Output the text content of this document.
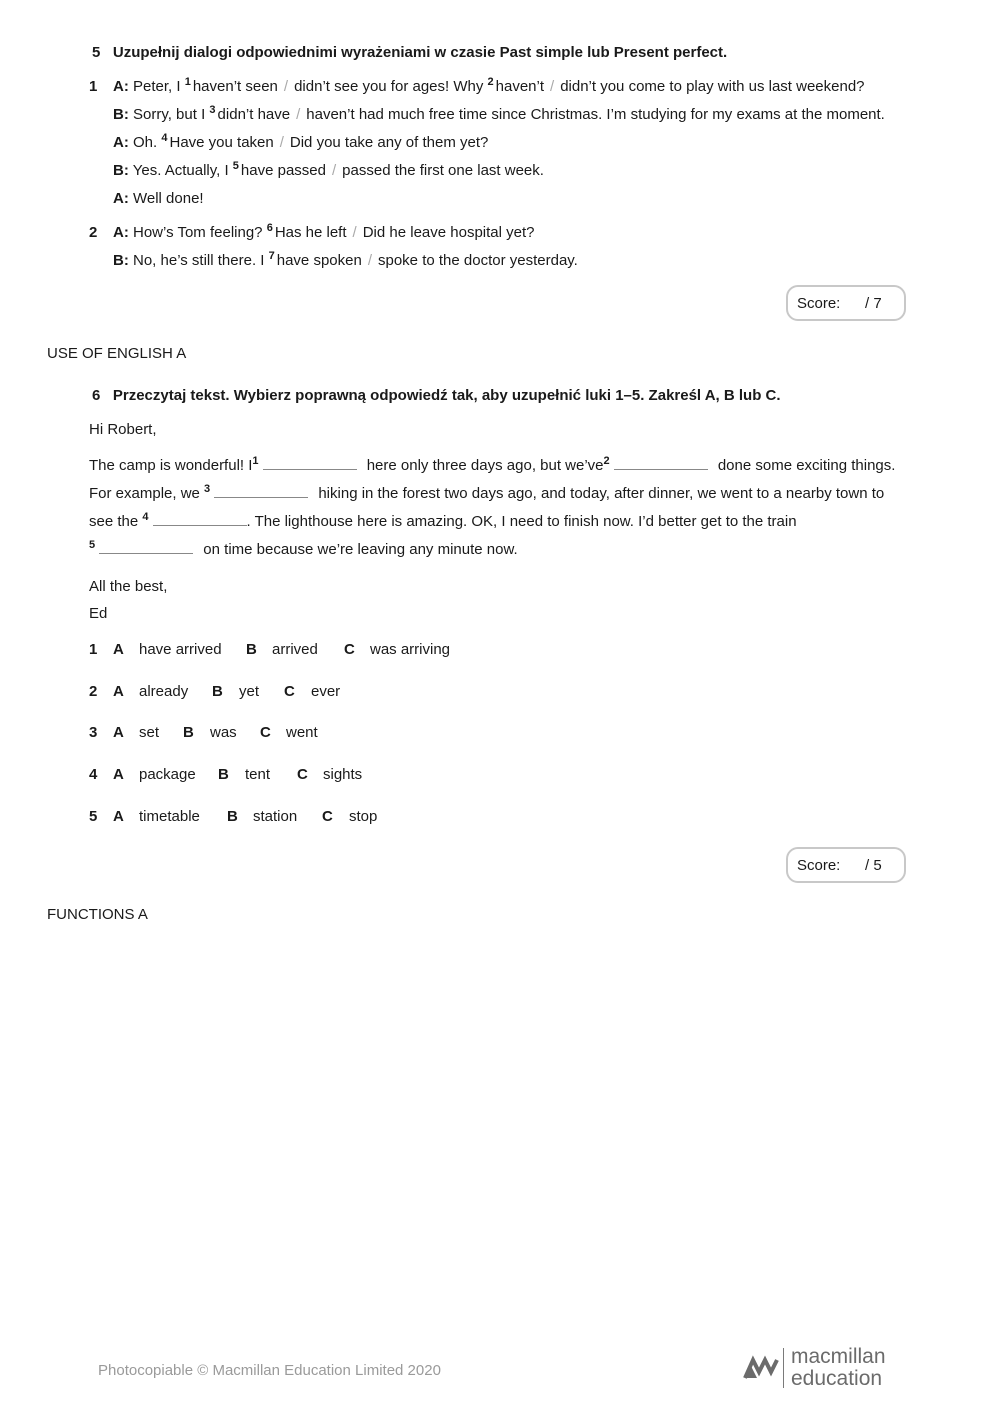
5 Uzupełnij dialogi odpowiednimi wyrażeniami w czasie Past simple lub Present perfect.
1 A: Peter, I $^1$ haven’t seen / didn’t see you for ages! Why $^2$ haven’t / didn’t you come to play with us last weekend?
B: Sorry, but I $^3$ didn’t have / haven’t had much free time since Christmas. I’m studying for my exams at the moment.
A: Oh. $^4$ Have you taken / Did you take any of them yet?
B: Yes. Actually, I $^5$ have passed / passed the first one last week.
A: Well done!
2 A: How’s Tom feeling? $^6$ Has he left / Did he leave hospital yet?
B: No, he’s still there. I $^7$ have spoken / spoke to the doctor yesterday.
Score: / 7
USE OF ENGLISH A
6 Przeczytaj tekst. Wybierz poprawną odpowiedź tak, aby uzupełnić luki 1–5. Zakreśl A, B lub C.
Hi Robert,
The camp is wonderful! $I^1$	here only three days ago, but $we’ve^2$	done some exciting things.
For example, we $^3$	hiking in the forest two days ago, and today, after dinner, we went to a nearby town to
see the $^4$	. The lighthouse here is amazing. OK, I need to finish now. I’d better get to the train
$^5$	on time because we’re leaving any minute now.
All the best,
Ed
1 A have arrived B arrived C was arriving
2 A already B yet C ever
3 A set B was C went
4 A package B tent C sights
5 A timetable B station C stop
Score: / 5
FUNCTIONS A
Photocopiable © Macmillan Education Limited 2020
macmillan
education
